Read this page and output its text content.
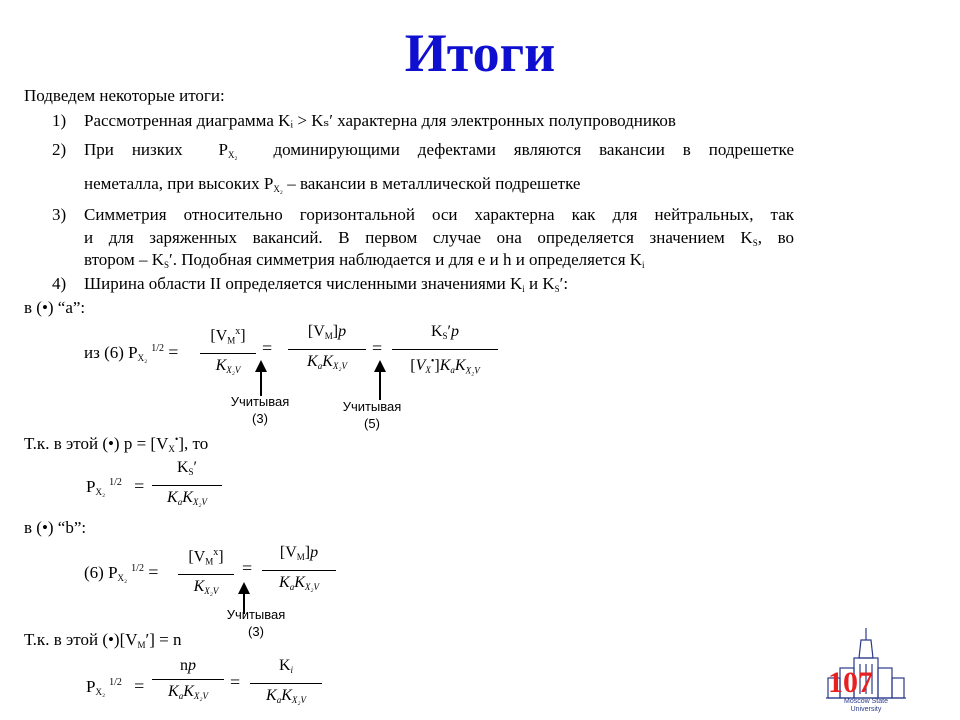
Итоги
Подведем некоторые итоги:
1) Рассмотренная диаграмма Kᵢ > Kₛ′ характерна для электронных полупроводников
2) При низких  $P_{X_2}$ доминирующими дефектами являются вакансии в подрешетке
неметалла, при высоких $P_{X_2}$ – вакансии в металлической подрешетке
3) Симметрия относительно горизонтальной оси характерна как для нейтральных, так
и для заряженных вакансий. В первом случае она определяется значением $K_S$, во
втором – $K_S'$. Подобная симметрия наблюдается и для e и h и определяется $K_i$
4) Ширина области II определяется численными значениями $K_i$ и $K_S'$:
в (•) “a”:
из (6) $P_{X_2}^{1/2}$ =
$[V_M^x]$
$K_{X_2V}$
=
$[V_M]p$
$K_aK_{X_2V}$
=
$K_S'p$
$[V_X^•]K_aK_{X_2V}$
Учитывая
(3)
Учитывая
(5)
Т.к. в этой (•) $p = [V_X^•]$, то
$P_{X_2}^{1/2}$ =
$K_S'$
$K_aK_{X_2V}$
в (•) “b”:
(6) $P_{X_2}^{1/2}$ =
$[V_M^x]$
$K_{X_2V}$
=
$[V_M]p$
$K_aK_{X_2V}$
Учитывая
(3)
Т.к. в этой $(•)[V_M'] = n$
$P_{X_2}^{1/2}$ =
np
$K_aK_{X_2V}$
=
$K_i$
$K_aK_{X_2V}$
107
Moscow State
University
